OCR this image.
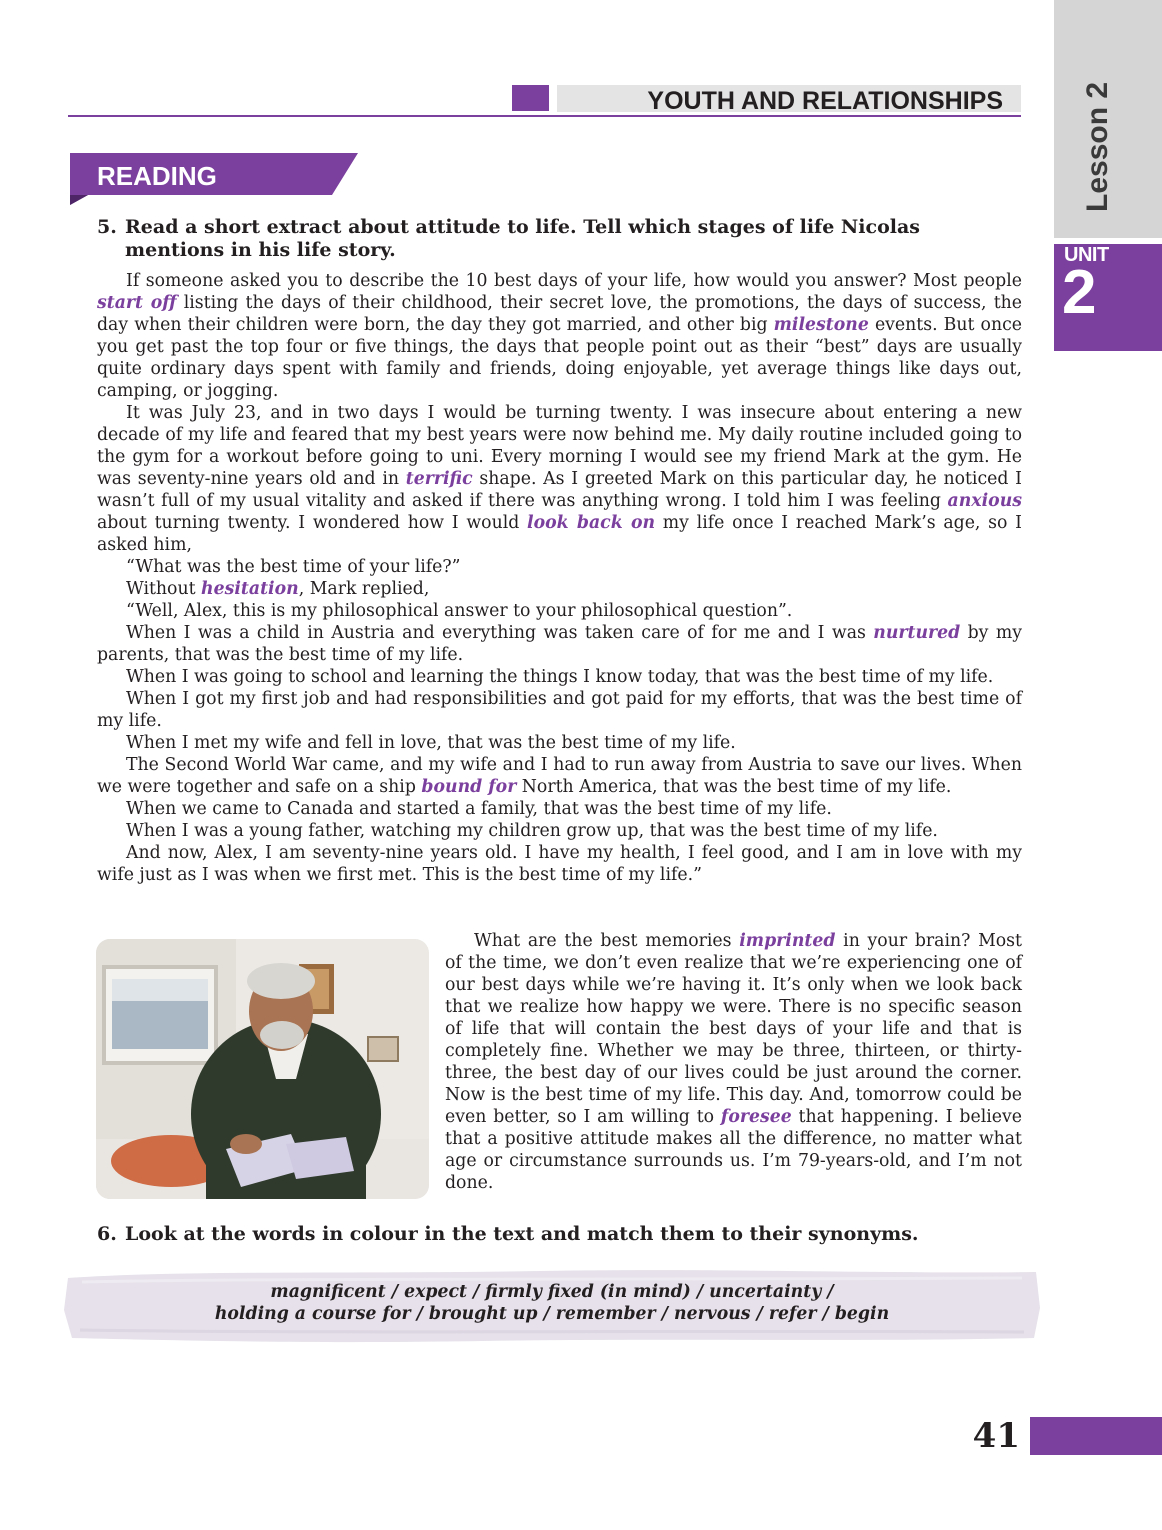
Lesson 2
UNIT
2
YOUTH AND RELATIONSHIPS
READING
5. Read a short extract about attitude to life. Tell which stages of life Nicolas mentions in his life story.

If someone asked you to describe the 10 best days of your life, how would you answer? Most people start off listing the days of their childhood, their secret love, the promotions, the days of success, the day when their children were born, the day they got married, and other big milestone events. But once you get past the top four or five things, the days that people point out as their “best” days are usually quite ordinary days spent with family and friends, doing enjoyable, yet average things like days out, camping, or jogging.

It was July 23, and in two days I would be turning twenty. I was insecure about entering a new decade of my life and feared that my best years were now behind me. My daily routine included going to the gym for a workout before going to uni. Every morning I would see my friend Mark at the gym. He was seventy-nine years old and in terrific shape. As I greeted Mark on this particular day, he noticed I wasn’t full of my usual vitality and asked if there was anything wrong. I told him I was feeling anxious about turning twenty. I wondered how I would look back on my life once I reached Mark’s age, so I asked him,

“What was the best time of your life?”

Without hesitation, Mark replied,

“Well, Alex, this is my philosophical answer to your philosophical question”.

When I was a child in Austria and everything was taken care of for me and I was nurtured by my parents, that was the best time of my life.

When I was going to school and learning the things I know today, that was the best time of my life.

When I got my first job and had responsibilities and got paid for my efforts, that was the best time of my life.

When I met my wife and fell in love, that was the best time of my life.

The Second World War came, and my wife and I had to run away from Austria to save our lives. When we were together and safe on a ship bound for North America, that was the best time of my life.

When we came to Canada and started a family, that was the best time of my life.

When I was a young father, watching my children grow up, that was the best time of my life.

And now, Alex, I am seventy-nine years old. I have my health, I feel good, and I am in love with my wife just as I was when we first met. This is the best time of my life.”

What are the best memories imprinted in your brain? Most of the time, we don’t even realize that we’re experiencing one of our best days while we’re having it. It’s only when we look back that we realize how happy we were. There is no specific season of life that will contain the best days of your life and that is completely fine. Whether we may be three, thirteen, or thirty-three, the best day of our lives could be just around the corner. Now is the best time of my life. This day. And, tomorrow could be even better, so I am willing to foresee that happening. I believe that a positive attitude makes all the difference, no matter what age or circumstance surrounds us. I’m 79-years-old, and I’m not done.

6. Look at the words in colour in the text and match them to their synonyms.
magnificent / expect / firmly fixed (in mind) / uncertainty /
holding a course for / brought up / remember / nervous / refer / begin
41
